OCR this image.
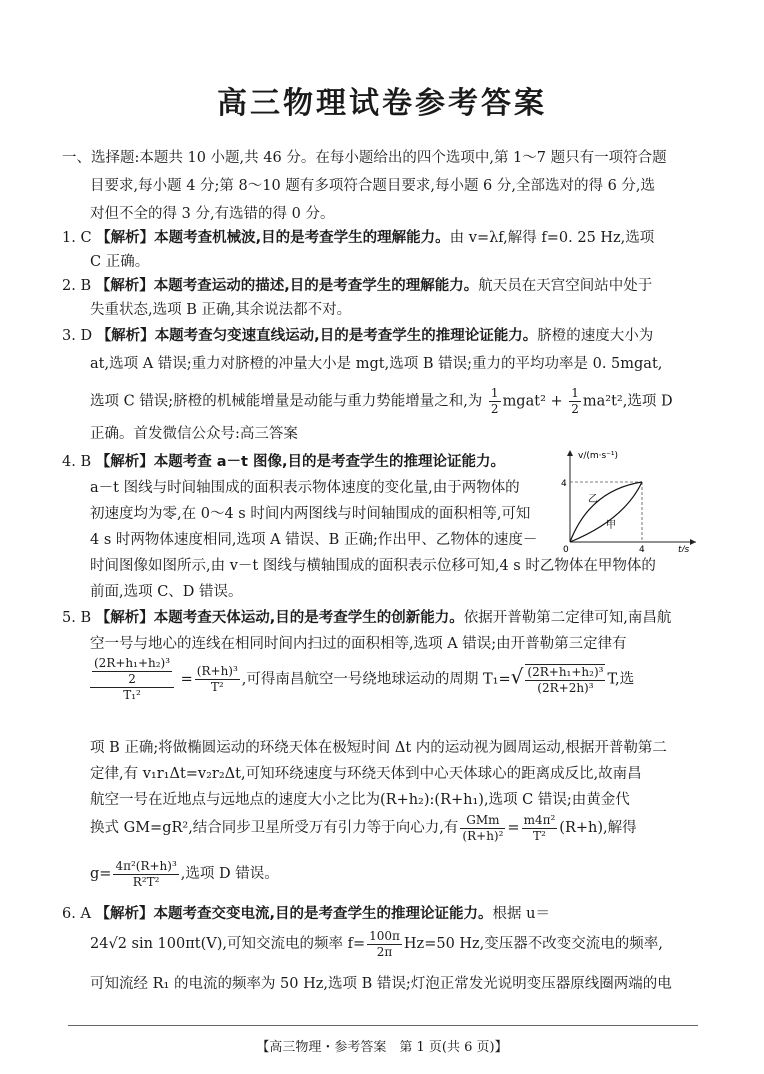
高三物理试卷参考答案
一、选择题:本题共 10 小题,共 46 分。在每小题给出的四个选项中,第 1～7 题只有一项符合题
目要求,每小题 4 分;第 8～10 题有多项符合题目要求,每小题 6 分,全部选对的得 6 分,选
对但不全的得 3 分,有选错的得 0 分。
1. C 【解析】本题考查机械波,目的是考查学生的理解能力。由 v=λf,解得 f=0. 25 Hz,选项
C 正确。
2. B 【解析】本题考查运动的描述,目的是考查学生的理解能力。航天员在天宫空间站中处于
失重状态,选项 B 正确,其余说法都不对。
3. D 【解析】本题考查匀变速直线运动,目的是考查学生的推理论证能力。脐橙的速度大小为
at,选项 A 错误;重力对脐橙的冲量大小是 mgt,选项 B 错误;重力的平均功率是 0. 5mgat,
选项 C 错误;脐橙的机械能增量是动能与重力势能增量之和,为 $\frac{1}{2}$ mgat² + $\frac{1}{2} ma^2t^2$,选项 D
正确。首发微信公众号:高三答案
4. B 【解析】本题考查 a－t 图像,目的是考查学生的推理论证能力。
a－t 图线与时间轴围成的面积表示物体速度的变化量,由于两物体的
初速度均为零,在 0～4 s 时间内两图线与时间轴围成的面积相等,可知
4 s 时两物体速度相同,选项 A 错误、B 正确;作出甲、乙物体的速度－
时间图像如图所示,由 v－t 图线与横轴围成的面积表示位移可知,4 s 时乙物体在甲物体的
前面,选项 C、D 错误。
v/(m·s⁻¹)
t/s
4
4
0
乙
甲
5. B 【解析】本题考查天体运动,目的是考查学生的创新能力。依据开普勒第二定律可知,南昌航
空一号与地心的连线在相同时间内扫过的面积相等,选项 A 错误;由开普勒第三定律有
$\frac{\frac{\text{(2R+h₁+h₂)³}}{2}}{\text{T₁²}} = \frac{\text{(R+h)³}}{\text{T²}}$ ,可得南昌航空一号绕地球运动的周期 $T_1=√ \frac{\text{(2R+h₁+h₂)³}}{\text{(2R+2h)³}} T$,选
项 B 正确;将做椭圆运动的环绕天体在极短时间 Δt 内的运动视为圆周运动,根据开普勒第二
定律,有 v₁r₁Δt=v₂r₂Δt,可知环绕速度与环绕天体到中心天体球心的距离成反比,故南昌
航空一号在近地点与远地点的速度大小之比为(R+h₂):(R+h₁),选项 C 错误;由黄金代
换式 GM=gR²,结合同步卫星所受万有引力等于向心力,有 $\frac{\text{GMm}}{\text{(R+h)²}} = \frac{\text{m4π²}}{\text{T²}} (R+h)$,解得
$g= \frac{\text{4π²(R+h)³}}{\text{R²T²}}$ ,选项 D 错误。
6. A 【解析】本题考查交变电流,目的是考查学生的推理论证能力。根据 u＝
24√2 sin 100πt(V),可知交流电的频率 $f= \frac{100\pi}{2\pi} Hz=50$ Hz,变压器不改变交流电的频率,
可知流经 R₁ 的电流的频率为 50 Hz,选项 B 错误;灯泡正常发光说明变压器原线圈两端的电
【高三物理・参考答案　第 1 页(共 6 页)】
